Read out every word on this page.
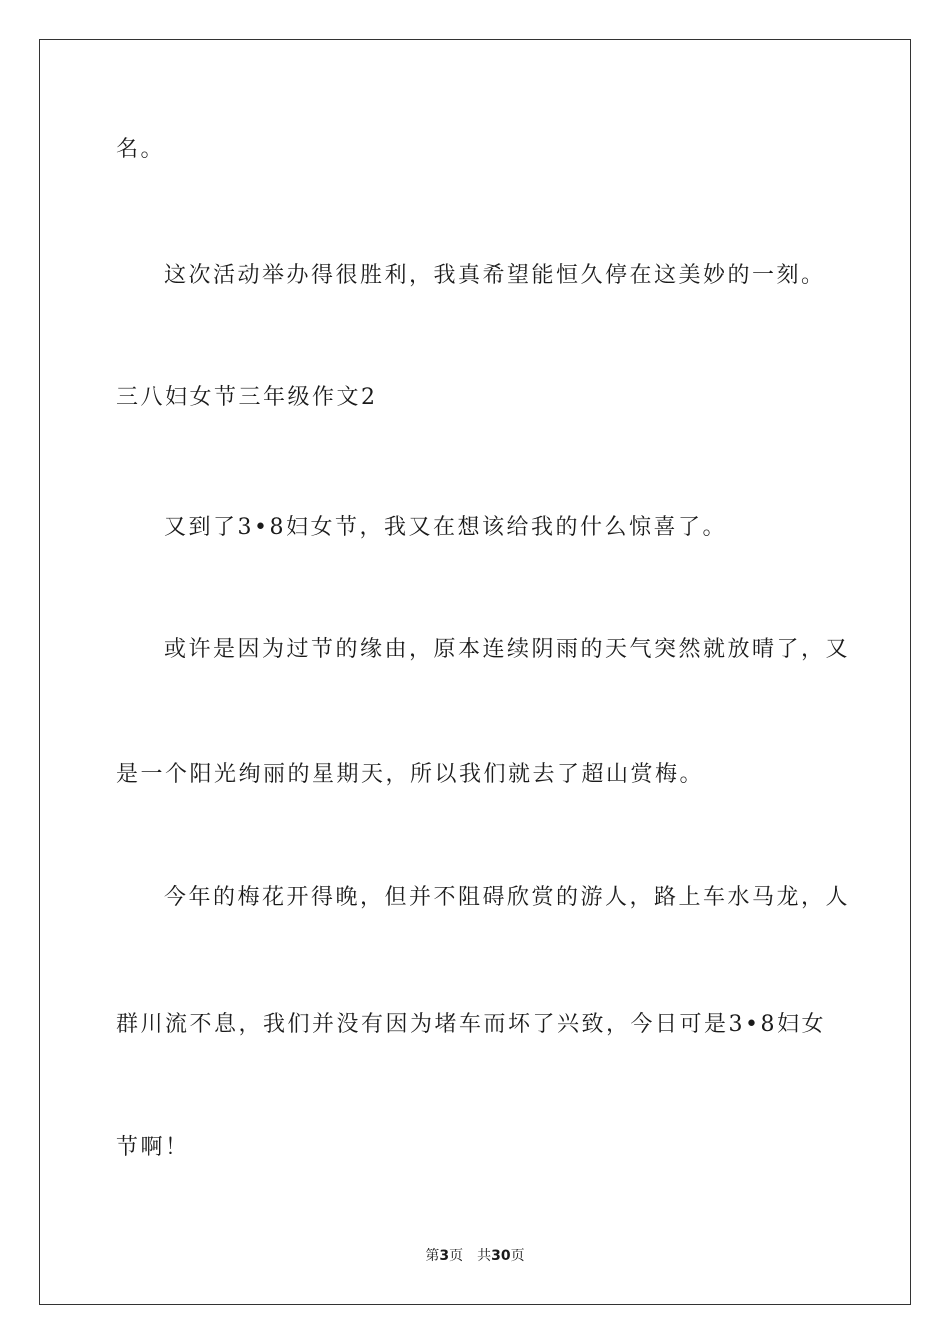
名。
这次活动举办得很胜利，我真希望能恒久停在这美妙的一刻。
三八妇女节三年级作文2
又到了3•8妇女节，我又在想该给我的什么惊喜了。
或许是因为过节的缘由，原本连续阴雨的天气突然就放晴了，又
是一个阳光绚丽的星期天，所以我们就去了超山赏梅。
今年的梅花开得晚，但并不阻碍欣赏的游人，路上车水马龙，人
群川流不息，我们并没有因为堵车而坏了兴致，今日可是3•8妇女
节啊！
第3页 共30页
